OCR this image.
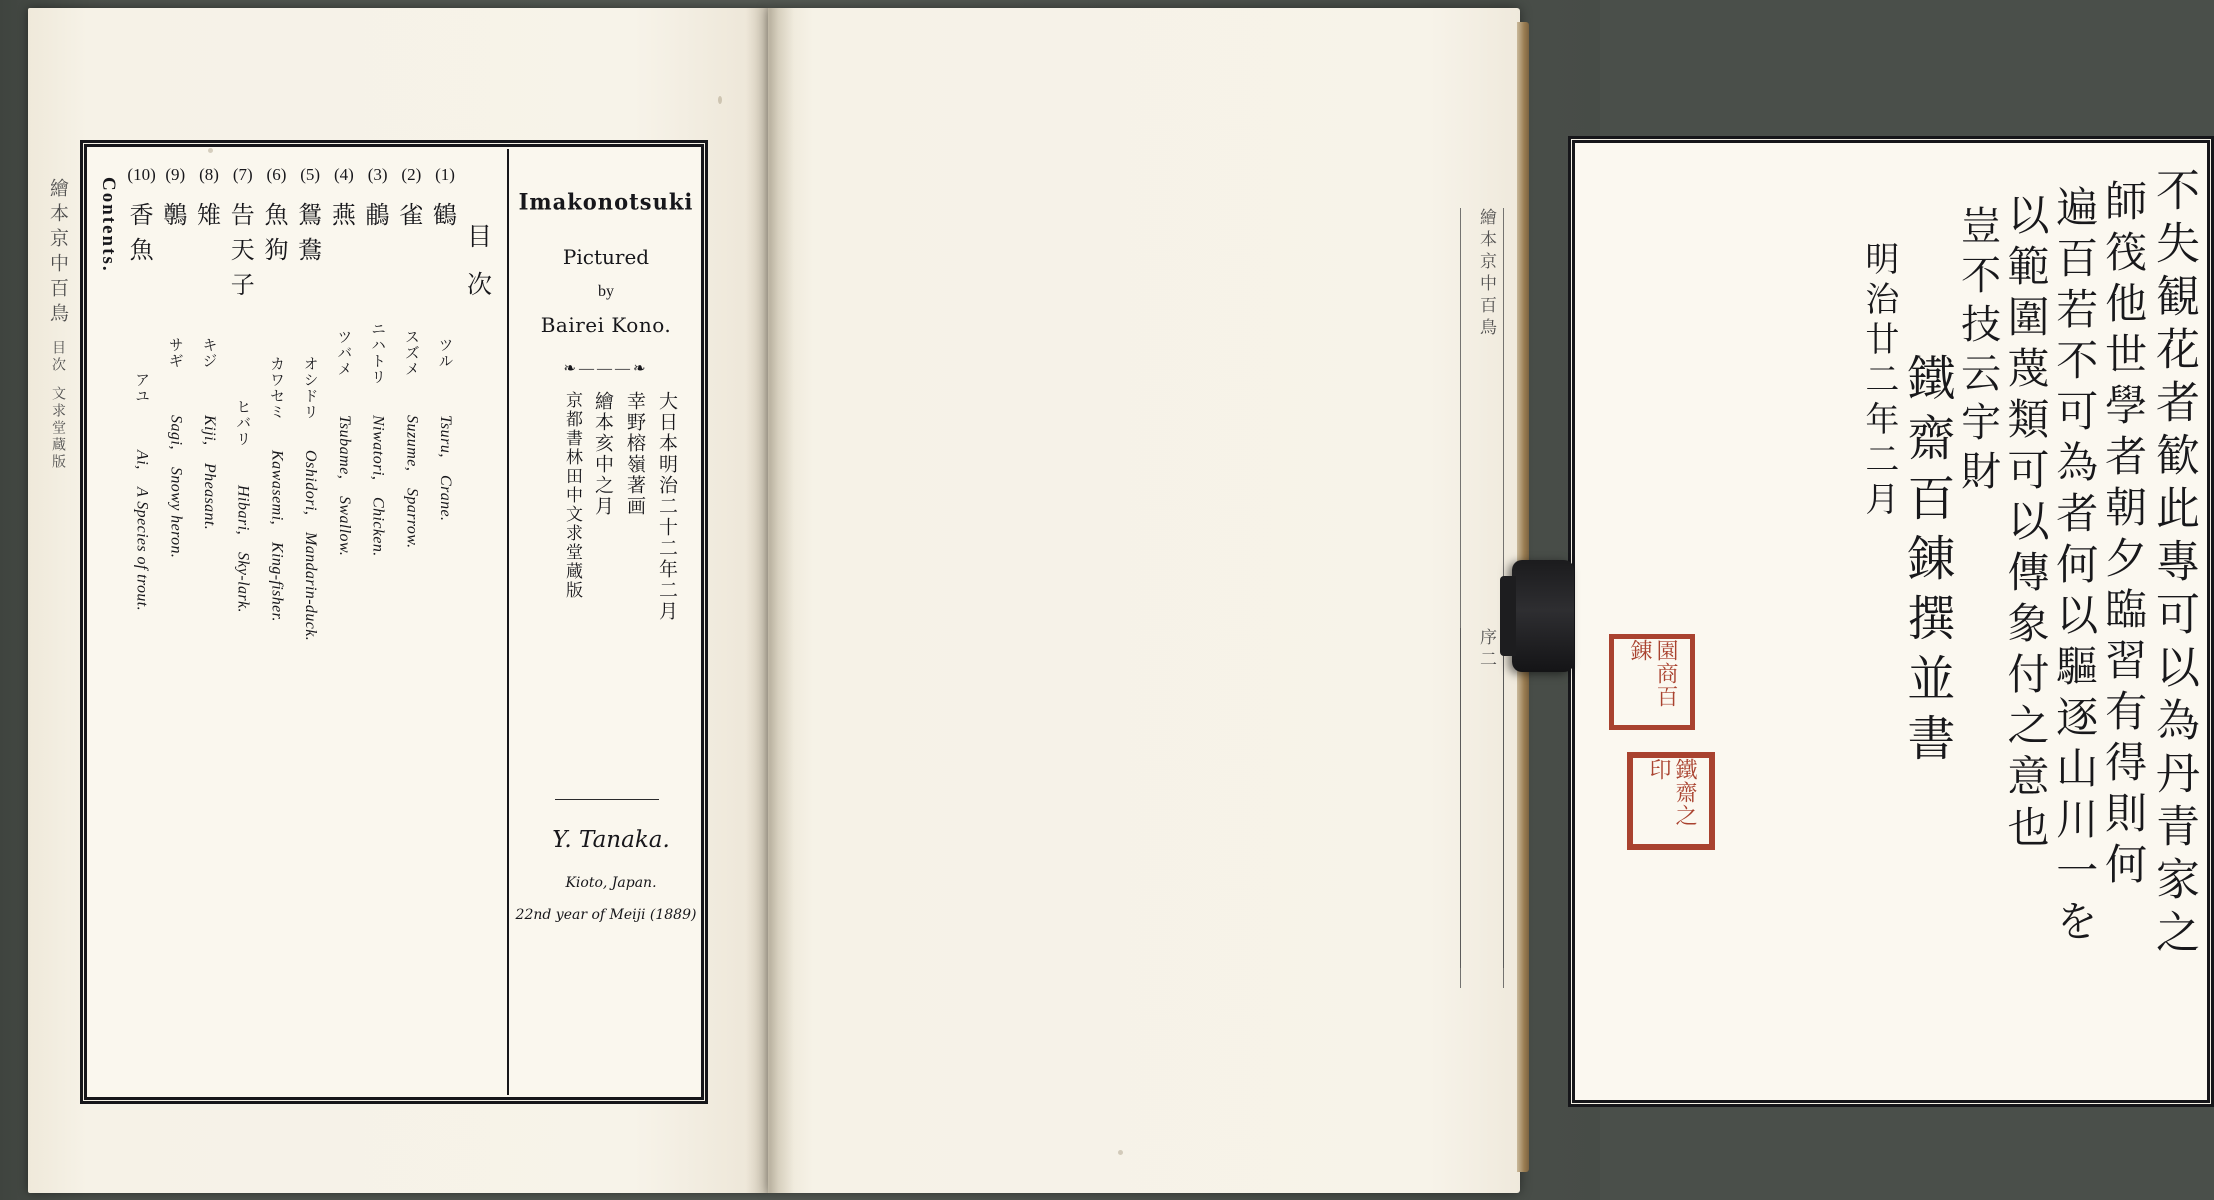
繪本京中百鳥 目次 文求堂蔵版
目次
(1)
鶴
ツル Tsuru, Crane.
(2)
雀
スズメ Suzume, Sparrow.
(3)
鵏
ニハトリ Niwatori, Chicken.
(4)
燕
ツバメ Tsubame, Swallow.
(5)
鴛鴦
オシドリ Oshidori, Mandarin-duck.
(6)
魚狗
カワセミ Kawasemi, King-fisher.
(7)
告天子
ヒバリ Hibari, Sky-lark.
(8)
雉
キジ Kiji, Pheasant.
(9)
鷷
サギ Sagi, Snowy heron.
(10)
香魚
アユ Ai, A Species of trout.
Contents.	Imakonotsuki
Pictured
by
Bairei Kono.
❧———❧
大日本明治二十二年二月
幸野榕嶺著画
繪本亥中之月
京都書林田中文求堂蔵版
Y. Tanaka.
Kioto, Japan.
22nd year of Meiji (1889)	不失観花者歓此專可以為丹青家之
師筏他世學者朝夕臨習有得則何
遍百若不可為者何以驅逐山川一を
以範圍蔑類可以傳象付之意也
豈不技云宇財
鐵齋百錬撰並書
明治廿二年二月
園商百錬
鐵齋之印
繪本京中百鳥
序二
